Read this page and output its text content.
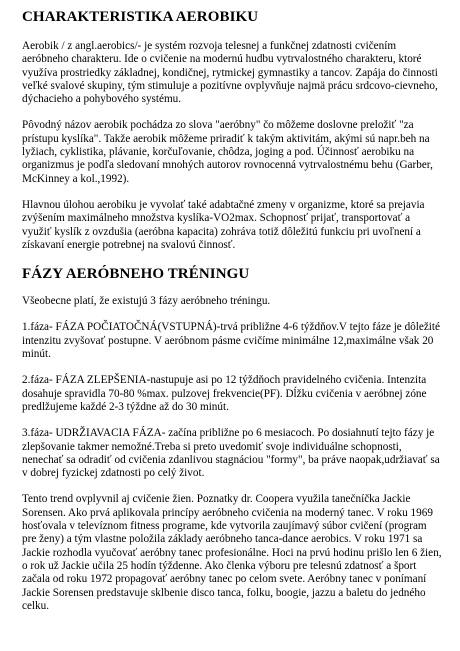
CHARAKTERISTIKA AEROBIKU

Aerobik / z angl.aerobics/- je systém rozvoja telesnej a funkčnej zdatnosti cvičením aeróbneho charakteru. Ide o cvičenie na modernú hudbu vytrvalostného charakteru, ktoré využíva prostriedky základnej, kondičnej, rytmickej gymnastiky a tancov. Zapája do činnosti veľké svalové skupiny, tým stimuluje a pozitívne ovplyvňuje najmä prácu srdcovo-cievneho, dýchacieho a pohybového systému.

Pôvodný názov aerobik pochádza zo slova "aeróbny" čo môžeme doslovne preložiť "za prístupu kyslíka". Takže aerobik môžeme priradiť k takým aktivitám, akými sú napr.beh na lyžiach, cyklistika, plávanie, korčuľovanie, chôdza, joging a pod. Účinnosť aerobiku na organizmus je podľa sledovaní mnohých autorov rovnocenná vytrvalostnému behu (Garber, McKinney a kol.,1992).

Hlavnou úlohou aerobiku je vyvolať také adabtačné zmeny v organizme, ktoré sa prejavia zvýšením maximálneho množstva kyslíka-VO2max. Schopnosť prijať, transportovať a využiť kyslík z ovzdušia (aeróbna kapacita) zohráva totiž dôležitú funkciu pri uvoľnení a získavaní energie potrebnej na svalovú činnosť.

FÁZY AERÓBNEHO TRÉNINGU

Všeobecne platí, že existujú 3 fázy aeróbneho tréningu.

1.fáza- FÁZA POČIATOČNÁ(VSTUPNÁ)-trvá približne 4-6 týždňov.V tejto fáze je dôležité intenzitu zvyšovať postupne. V aeróbnom pásme cvičíme minimálne 12,maximálne však 20 minút.

2.fáza- FÁZA ZLEPŠENIA-nastupuje asi po 12 týždňoch pravidelného cvičenia. Intenzita dosahuje spravidla 70-80 %max. pulzovej frekvencie(PF). Dĺžku cvičenia v aeróbnej zóne predlžujeme každé 2-3 týždne až do 30 minút.

3.fáza- UDRŽIAVACIA FÁZA- začína približne po 6 mesiacoch. Po dosiahnutí tejto fázy je zlepšovanie takmer nemožné.Treba si preto uvedomiť svoje individuálne schopnosti, nenechať sa odradiť od cvičenia zdanlivou stagnáciou "formy", ba práve naopak,udržiavať sa v dobrej fyzickej zdatnosti po celý život.

Tento trend ovplyvnil aj cvičenie žien. Poznatky dr. Coopera využila tanečníčka Jackie Sorensen. Ako prvá aplikovala princípy aeróbneho cvičenia na moderný tanec. V roku 1969 hosťovala v televíznom fitness programe, kde vytvorila zaujímavý súbor cvičení (program pre ženy) a tým vlastne položila základy aeróbneho tanca-dance aerobics. V roku 1971 sa Jackie rozhodla vyučovať aeróbny tanec profesionálne. Hoci na prvú hodinu prišlo len 6 žien, o rok už Jackie učila 25 hodín týždenne. Ako členka výboru pre telesnú zdatnosť a šport začala od roku 1972 propagovať aeróbny tanec po celom svete. Aeróbny tanec v ponímaní Jackie Sorensen predstavuje sklbenie disco tanca, folku, boogie, jazzu a baletu do jedného celku.
